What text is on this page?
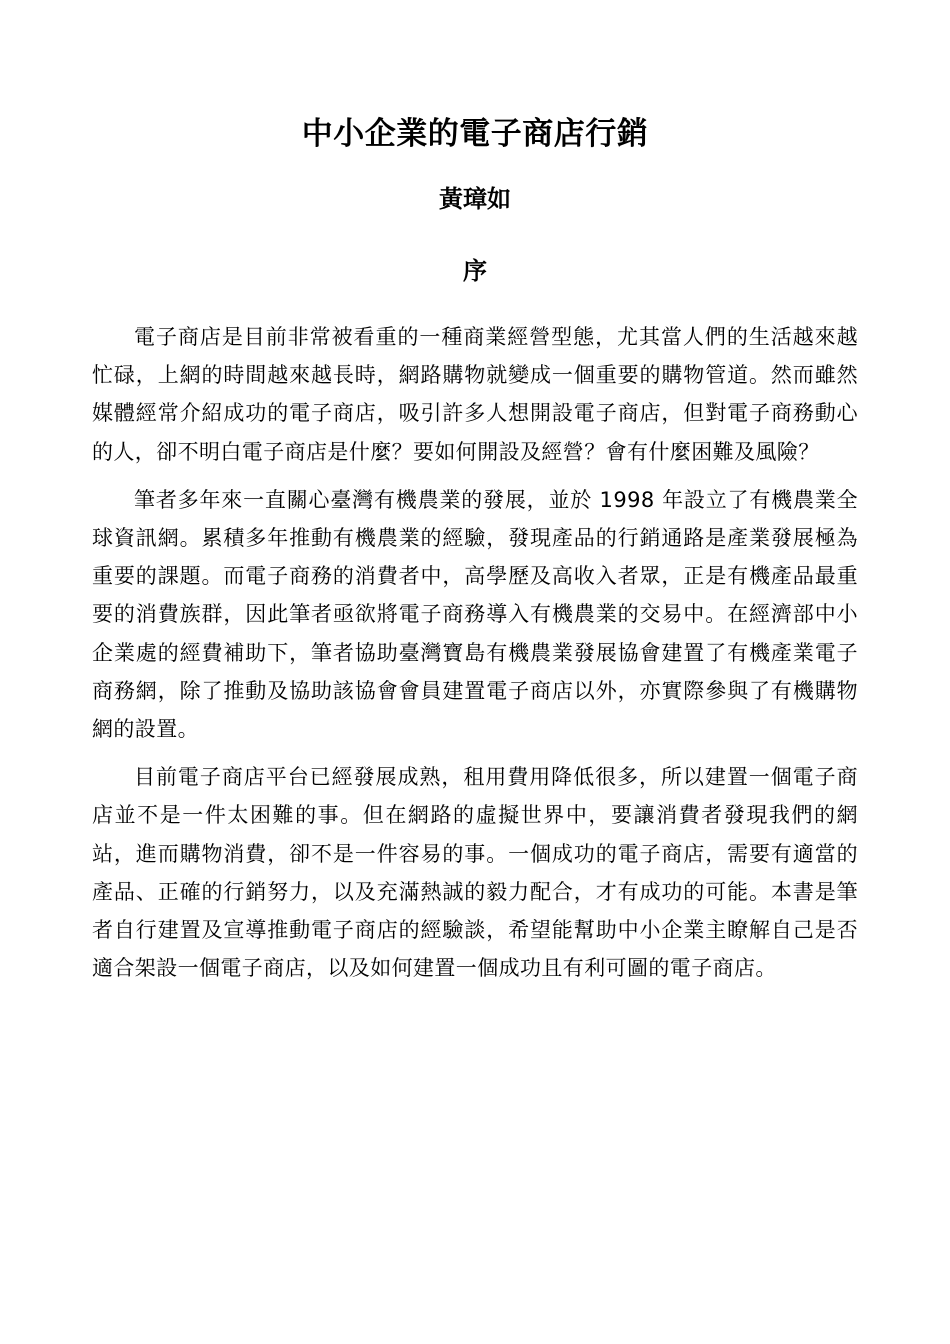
中小企業的電子商店行銷
黃璋如
序

電子商店是目前非常被看重的一種商業經營型態，尤其當人們的生活越來越忙碌，上網的時間越來越長時，網路購物就變成一個重要的購物管道。然而雖然媒體經常介紹成功的電子商店，吸引許多人想開設電子商店，但對電子商務動心的人，卻不明白電子商店是什麼？要如何開設及經營？會有什麼困難及風險？

筆者多年來一直關心臺灣有機農業的發展，並於 1998 年設立了有機農業全球資訊網。累積多年推動有機農業的經驗，發現產品的行銷通路是產業發展極為重要的課題。而電子商務的消費者中，高學歷及高收入者眾，正是有機產品最重要的消費族群，因此筆者亟欲將電子商務導入有機農業的交易中。在經濟部中小企業處的經費補助下，筆者協助臺灣寶島有機農業發展協會建置了有機產業電子商務網，除了推動及協助該協會會員建置電子商店以外，亦實際參與了有機購物網的設置。

目前電子商店平台已經發展成熟，租用費用降低很多，所以建置一個電子商店並不是一件太困難的事。但在網路的虛擬世界中，要讓消費者發現我們的網站，進而購物消費，卻不是一件容易的事。一個成功的電子商店，需要有適當的產品、正確的行銷努力，以及充滿熱誠的毅力配合，才有成功的可能。本書是筆者自行建置及宣導推動電子商店的經驗談，希望能幫助中小企業主瞭解自己是否適合架設一個電子商店，以及如何建置一個成功且有利可圖的電子商店。
